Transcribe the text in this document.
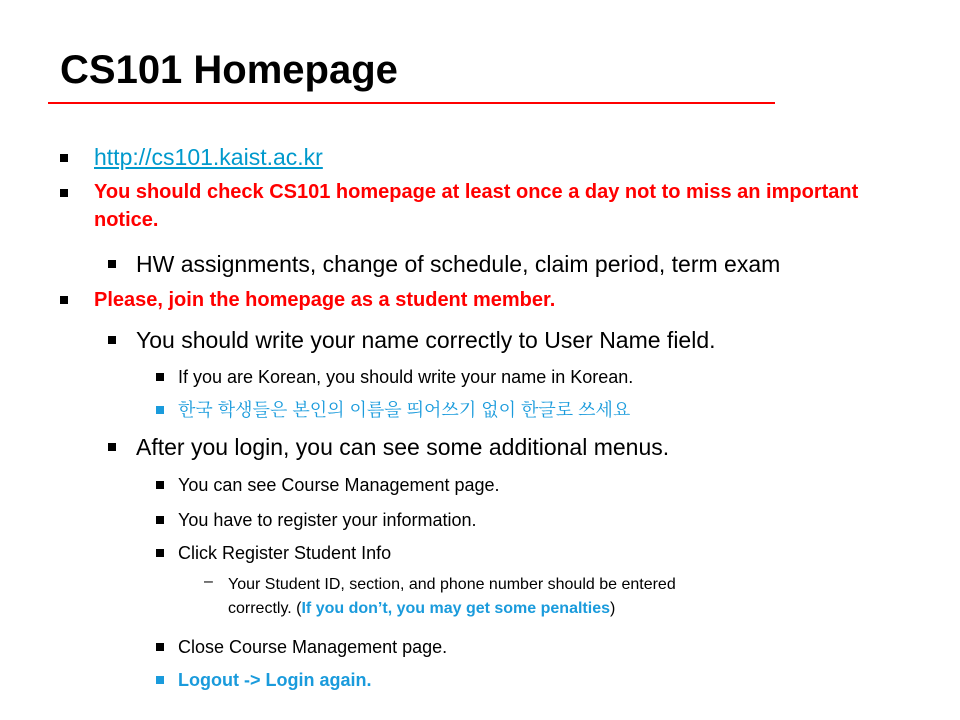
CS101 Homepage
http://cs101.kaist.ac.kr

You should check CS101 homepage at least once a day not to miss an important notice.

HW assignments, change of schedule, claim period, term exam

Please, join the homepage as a student member.

You should write your name correctly to User Name field.

If you are Korean, you should write your name in Korean.

한국 학생들은 본인의 이름을 띄어쓰기 없이 한글로 쓰세요

After you login, you can see some additional menus.

You can see Course Management page.

You have to register your information.

Click Register Student Info

– Your Student ID, section, and phone number should be entered

correctly. (If you don’t, you may get some penalties)

Close Course Management page.

Logout -> Login again.
